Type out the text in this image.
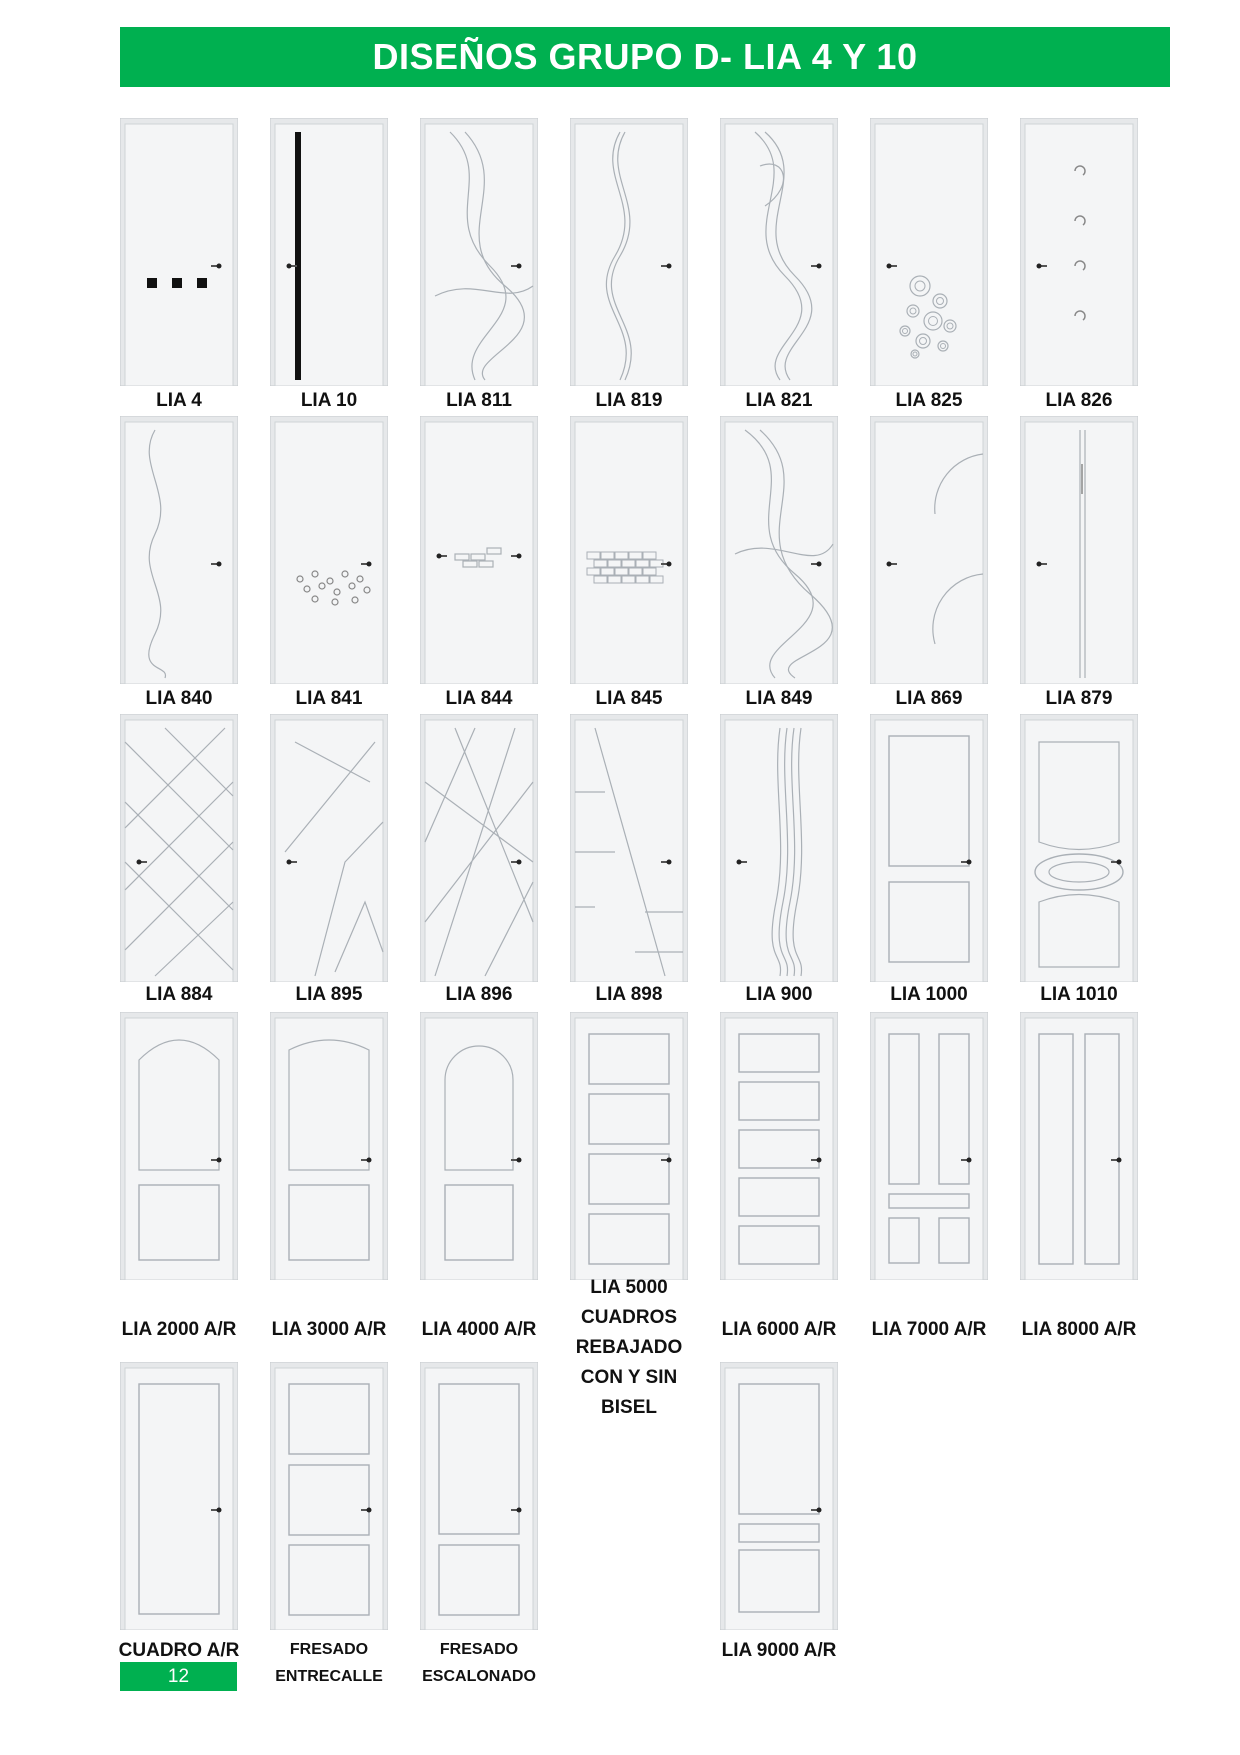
DISEÑOS GRUPO D- LIA 4 Y 10
LIA 4	LIA 10	LIA 811	LIA 819	LIA 821	LIA 825	LIA 826
LIA 840	LIA 841	LIA 844	LIA 845	LIA 849	LIA 869	LIA 879
LIA 884	LIA 895	LIA 896	LIA 898	LIA 900	LIA 1000	LIA 1010
LIA 2000 A/R	LIA 3000 A/R	LIA 4000 A/R
LIA 5000 CUADROS REBAJADO CON Y SIN BISEL
LIA 6000 A/R	LIA 7000 A/R	LIA 8000 A/R
CUADRO A/R	FRESADO ENTRECALLE
FRESADO ESCALONADO
LIA 9000 A/R
12
